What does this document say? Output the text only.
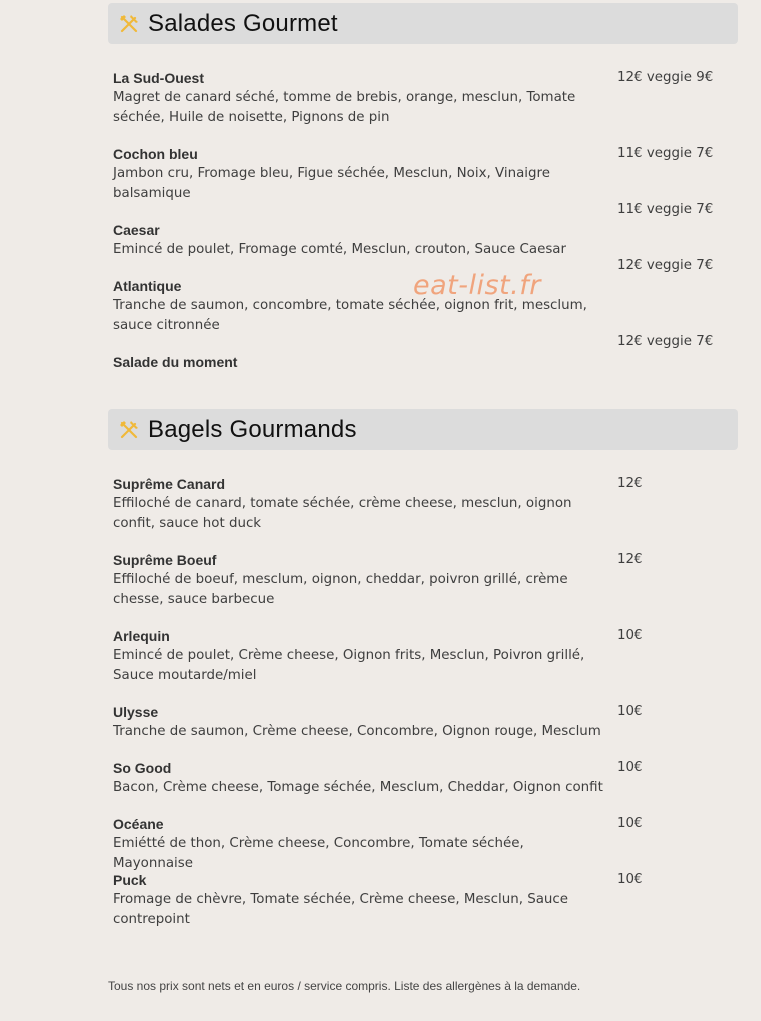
Salades Gourmet
La Sud-Ouest
Magret de canard séché, tomme de brebis, orange, mesclun, Tomate séchée, Huile de noisette, Pignons de pin
12€ veggie 9€
Cochon bleu
Jambon cru, Fromage bleu, Figue séchée, Mesclun, Noix, Vinaigre balsamique
11€ veggie 7€
Caesar
Emincé de poulet, Fromage comté, Mesclun, crouton, Sauce Caesar
11€ veggie 7€
Atlantique
Tranche de saumon, concombre, tomate séchée, oignon frit, mesclum, sauce citronnée
12€ veggie 7€
Salade du moment
12€ veggie 7€
eat-list.fr
Bagels Gourmands
Suprême Canard
Effiloché de canard, tomate séchée, crème cheese, mesclun, oignon confit, sauce hot duck
12€
Suprême Boeuf
Effiloché de boeuf, mesclum, oignon, cheddar, poivron grillé, crème chesse, sauce barbecue
12€
Arlequin
Emincé de poulet, Crème cheese, Oignon frits, Mesclun, Poivron grillé, Sauce moutarde/miel
10€
Ulysse
Tranche de saumon, Crème cheese, Concombre, Oignon rouge, Mesclum
10€
So Good
Bacon, Crème cheese, Tomage séchée, Mesclum, Cheddar, Oignon confit
10€
Océane
Emiétté de thon, Crème cheese, Concombre, Tomate séchée, Mayonnaise
10€
Puck
Fromage de chèvre, Tomate séchée, Crème cheese, Mesclun, Sauce contrepoint
10€
Tous nos prix sont nets et en euros / service compris. Liste des allergènes à la demande.
